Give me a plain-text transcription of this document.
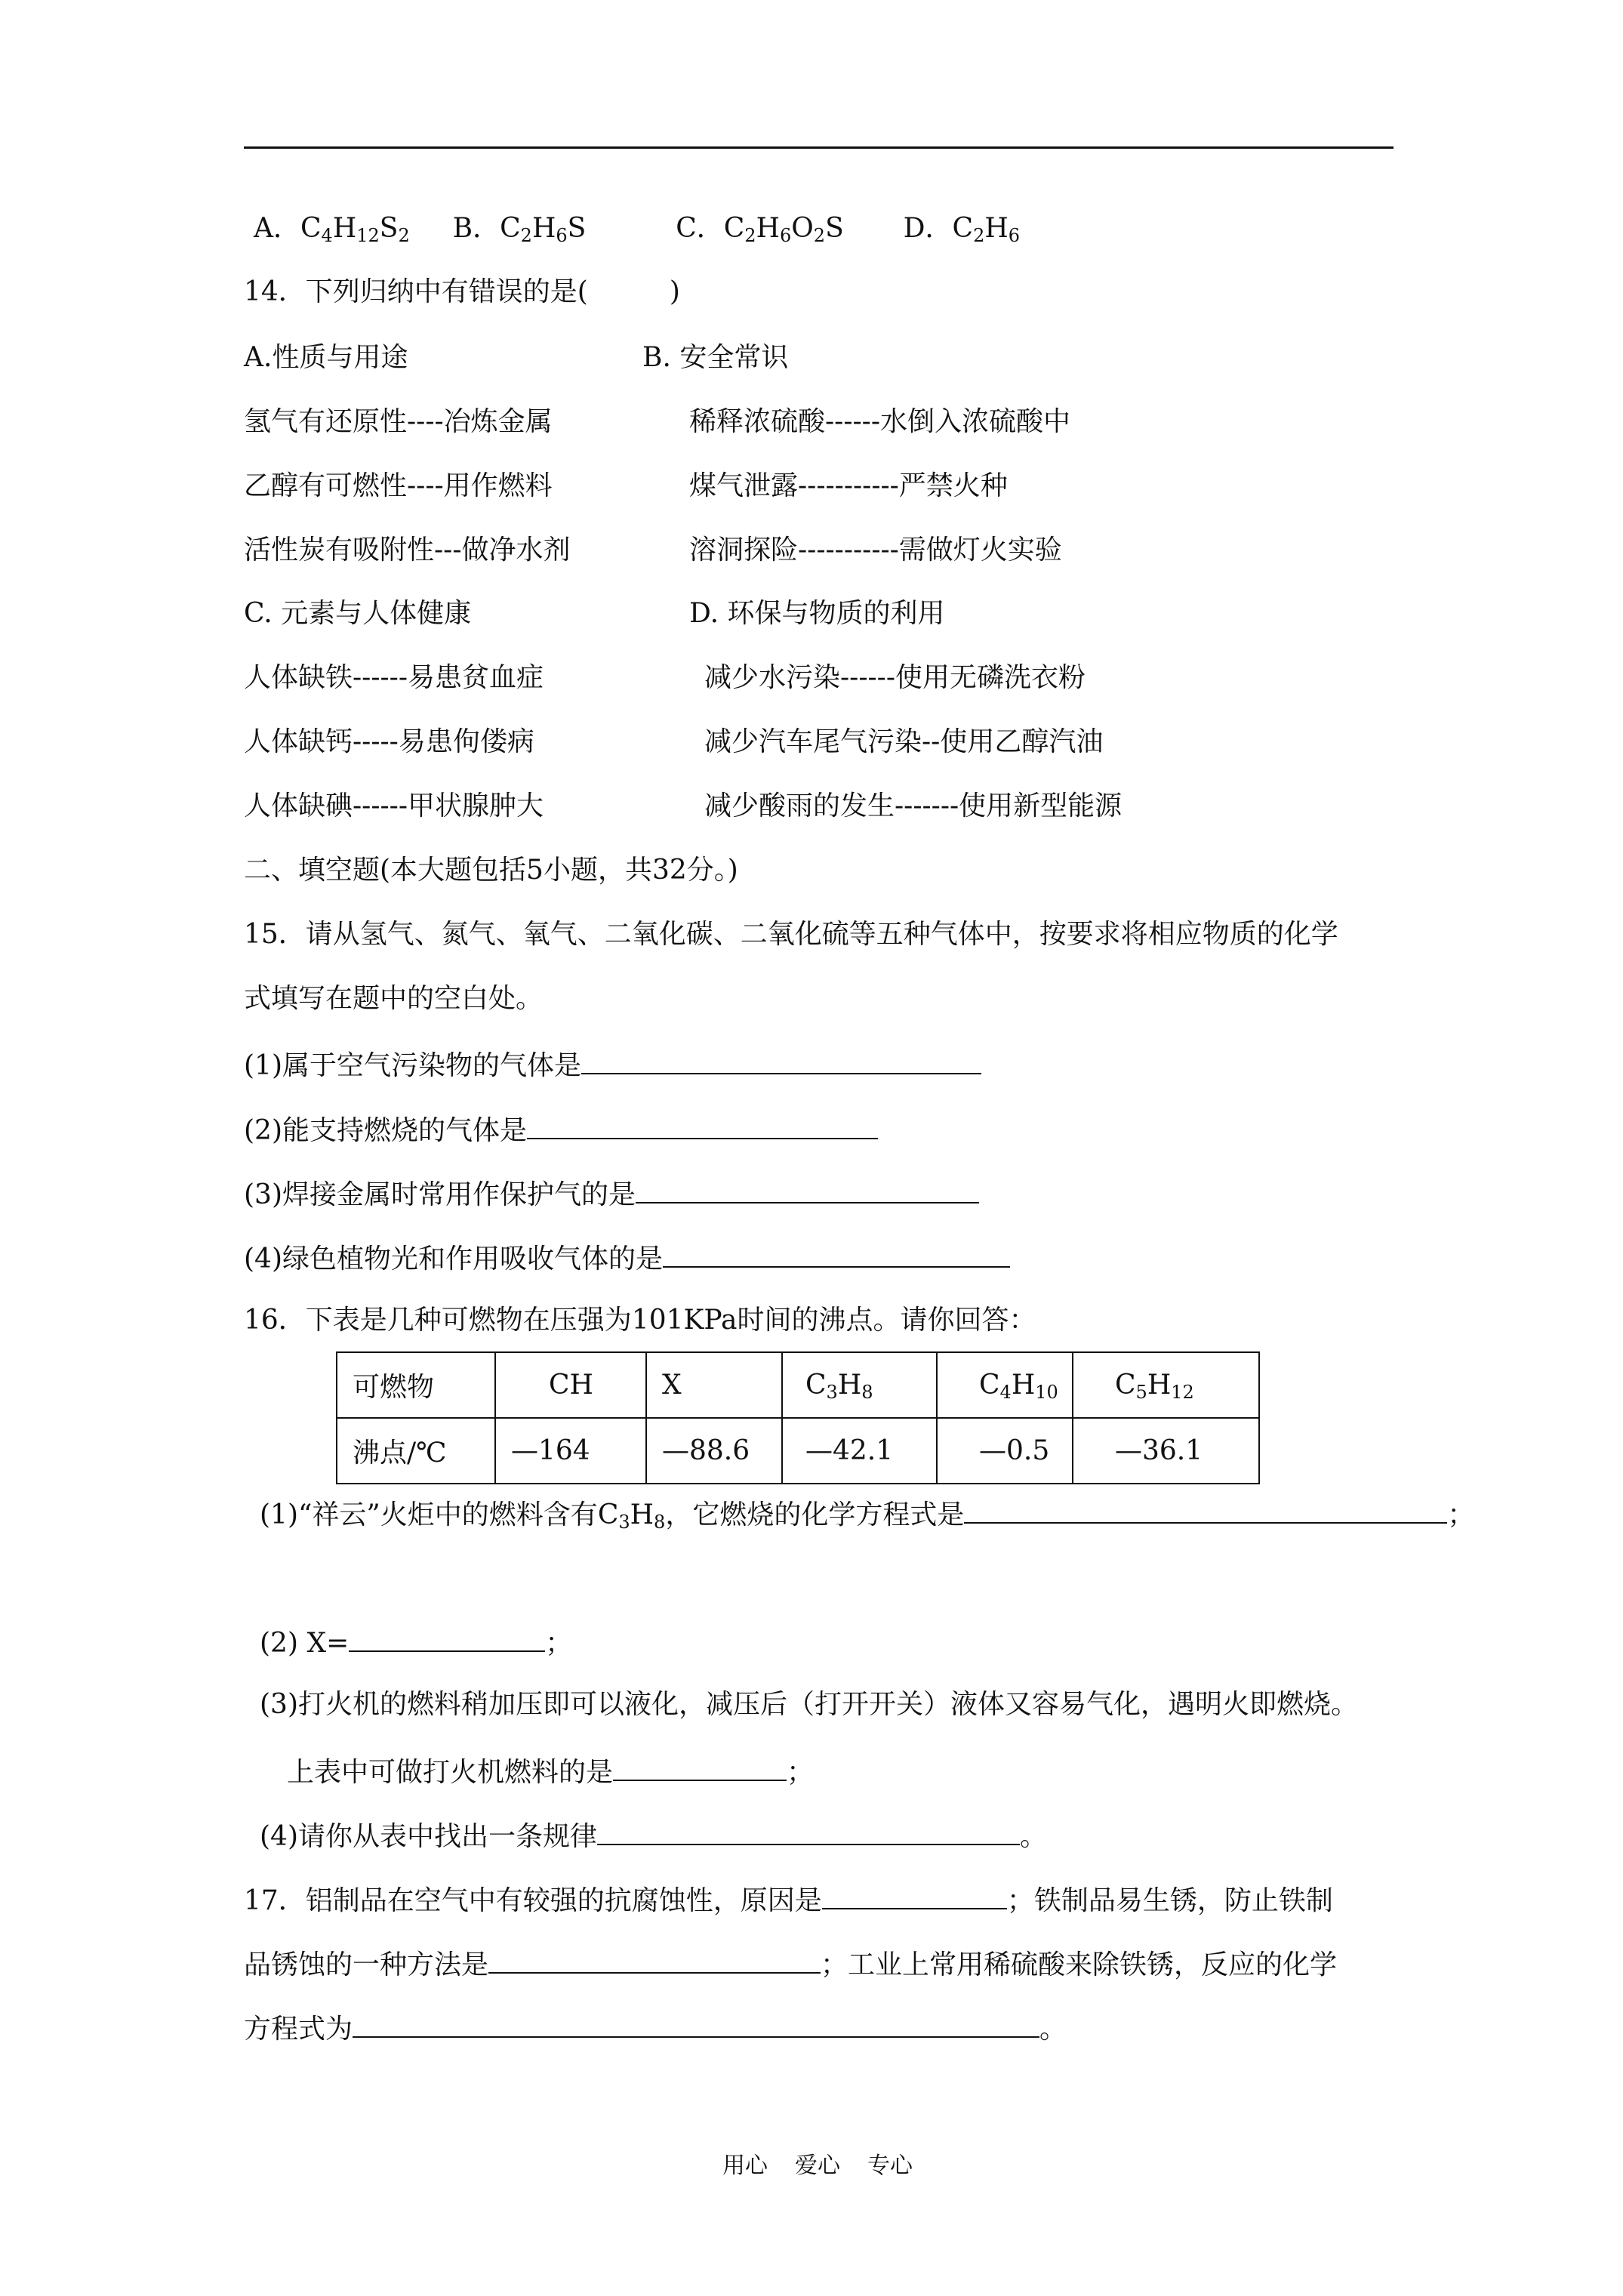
A．$C_4H_{12}S_2$ B．$C_2H_6S$	C．$C_2H_6O_2S$ D．$C_2H_6$
14．下列归纳中有错误的是(　　　)
A.性质与用途	B. 安全常识
氢气有还原性----冶炼金属	稀释浓硫酸------水倒入浓硫酸中
乙醇有可燃性----用作燃料	煤气泄露-----------严禁火种
活性炭有吸附性---做净水剂	溶洞探险-----------需做灯火实验
C. 元素与人体健康	D. 环保与物质的利用
人体缺铁------易患贫血症	减少水污染------使用无磷洗衣粉
人体缺钙-----易患佝偻病	减少汽车尾气污染--使用乙醇汽油
人体缺碘------甲状腺肿大	减少酸雨的发生-------使用新型能源
二、填空题(本大题包括5小题，共32分。)
15．请从氢气、氮气、氧气、二氧化碳、二氧化硫等五种气体中，按要求将相应物质的化学
式填写在题中的空白处。
(1)属于空气污染物的气体是
(2)能支持燃烧的气体是
(3)焊接金属时常用作保护气的是
(4)绿色植物光和作用吸收气体的是
16．下表是几种可燃物在压强为101KPa时间的沸点。请你回答：
可燃物	CH	X	$C_3H_8$	$C_4H_{10}$	$C_5H_{12}$
沸点/℃	—164	—88.6	—42.1	—0.5	—36.1
(1)“祥云”火炬中的燃料含有$C_3H_8$，它燃烧的化学方程式是	；
(2) X=	；
(3)打火机的燃料稍加压即可以液化，减压后（打开开关）液体又容易气化，遇明火即燃烧。
上表中可做打火机燃料的是	；
(4)请你从表中找出一条规律	。
17．铝制品在空气中有较强的抗腐蚀性，原因是	；铁制品易生锈，防止铁制
品锈蚀的一种方法是	；工业上常用稀硫酸来除铁锈，反应的化学
方程式为	。
用心 爱心 专心
